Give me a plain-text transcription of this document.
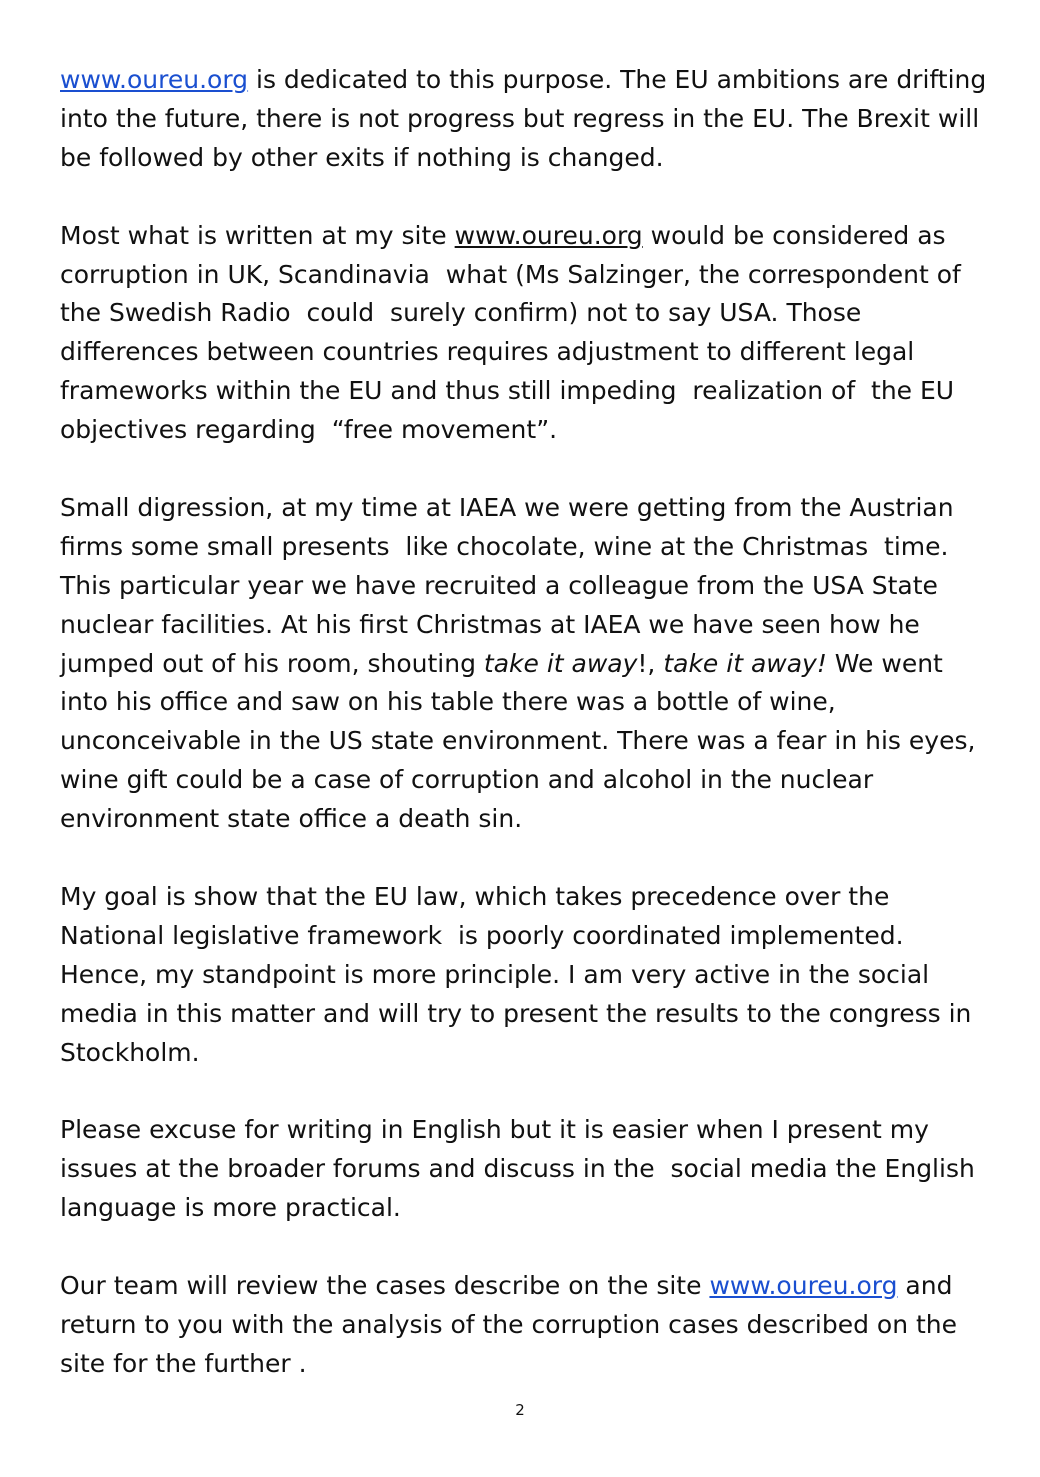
www.oureu.org is dedicated to this purpose. The EU ambitions are drifting into the future, there is not progress but regress in the EU. The Brexit will be followed by other exits if nothing is changed.

Most what is written at my site www.oureu.org would be considered as corruption in UK, Scandinavia  what (Ms Salzinger, the correspondent of the Swedish Radio  could  surely confirm) not to say USA. Those differences between countries requires adjustment to different legal frameworks within the EU and thus still impeding  realization of  the EU objectives regarding  “free movement”.

Small digression, at my time at IAEA we were getting from the Austrian firms some small presents  like chocolate, wine at the Christmas  time. This particular year we have recruited a colleague from the USA State nuclear facilities. At his first Christmas at IAEA we have seen how he jumped out of his room, shouting take it away!, take it away! We went into his office and saw on his table there was a bottle of wine, unconceivable in the US state environment. There was a fear in his eyes, wine gift could be a case of corruption and alcohol in the nuclear environment state office a death sin.

My goal is show that the EU law, which takes precedence over the National legislative framework  is poorly coordinated implemented. Hence, my standpoint is more principle. I am very active in the social media in this matter and will try to present the results to the congress in Stockholm.

Please excuse for writing in English but it is easier when I present my issues at the broader forums and discuss in the  social media the English language is more practical.

Our team will review the cases describe on the site www.oureu.org and return to you with the analysis of the corruption cases described on the site for the further .

2
